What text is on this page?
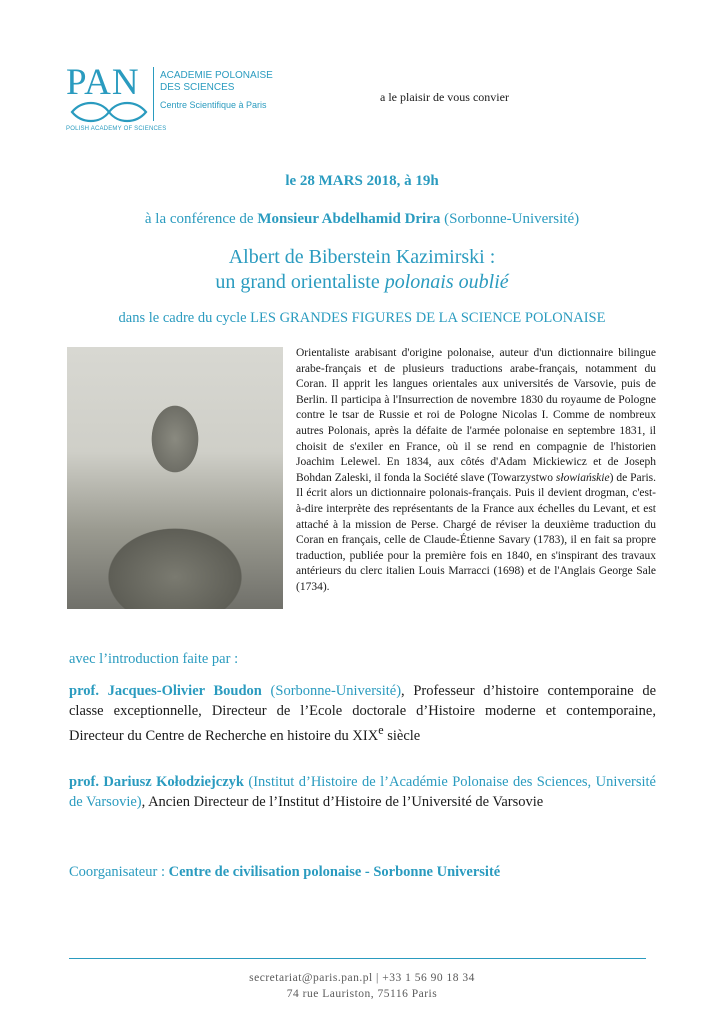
PAN
POLISH ACADEMY OF SCIENCES
ACADEMIE POLONAISE
DES SCIENCES
Centre Scientifique à Paris
a le plaisir de vous convier
le 28 MARS 2018, à 19h
à la conférence de Monsieur Abdelhamid Drira (Sorbonne-Université)
Albert de Biberstein Kazimirski :
un grand orientaliste polonais oublié
dans le cadre du cycle LES GRANDES FIGURES DE LA SCIENCE POLONAISE
Orientaliste arabisant d'origine polonaise, auteur d'un dictionnaire bilingue arabe-français et de plusieurs traductions arabe-français, notamment du Coran. Il apprit les langues orientales aux universités de Varsovie, puis de Berlin. Il participa à l'Insurrection de novembre 1830 du royaume de Pologne contre le tsar de Russie et roi de Pologne Nicolas I. Comme de nombreux autres Polonais, après la défaite de l'armée polonaise en septembre 1831, il choisit de s'exiler en France, où il se rend en compagnie de l'historien Joachim Lelewel. En 1834, aux côtés d'Adam Mickiewicz et de Joseph Bohdan Zaleski, il fonda la Société slave (Towarzystwo słowiańskie) de Paris. Il écrit alors un dictionnaire polonais-français. Puis il devient drogman, c'est-à-dire interprète des représentants de la France aux échelles du Levant, et est attaché à la mission de Perse. Chargé de réviser la deuxième traduction du Coran en français, celle de Claude-Étienne Savary (1783), il en fait sa propre traduction, publiée pour la première fois en 1840, en s'inspirant des travaux antérieurs du clerc italien Louis Marracci (1698) et de l'Anglais George Sale (1734).
avec l’introduction faite par :
prof. Jacques-Olivier Boudon (Sorbonne-Université), Professeur d’histoire contemporaine de classe exceptionnelle, Directeur de l’Ecole doctorale d’Histoire moderne et contemporaine, Directeur du Centre de Recherche en histoire du XIXe siècle
prof. Dariusz Kołodziejczyk (Institut d’Histoire de l’Académie Polonaise des Sciences, Université de Varsovie), Ancien Directeur de l’Institut d’Histoire de l’Université de Varsovie
Coorganisateur : Centre de civilisation polonaise - Sorbonne Université
secretariat@paris.pan.pl | +33 1 56 90 18 34
74 rue Lauriston, 75116 Paris
